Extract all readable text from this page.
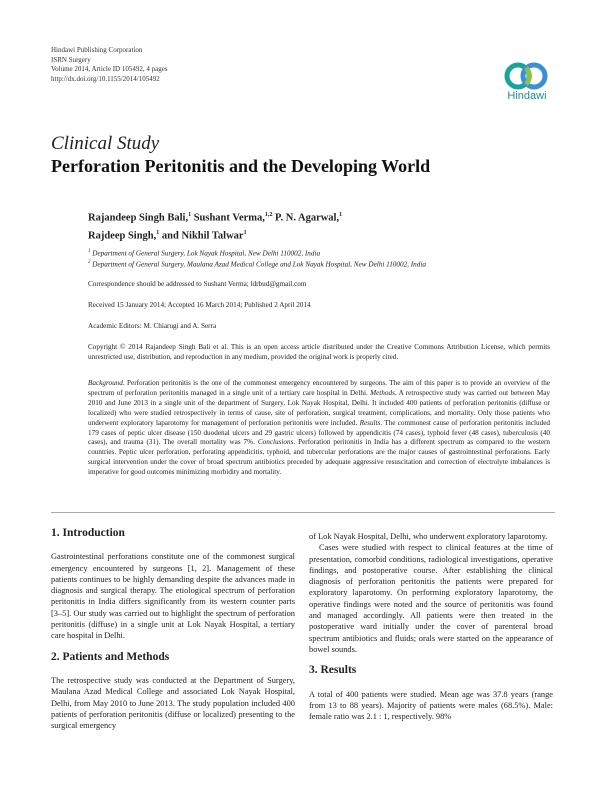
Hindawi Publishing Corporation
ISRN Surgery
Volume 2014, Article ID 105492, 4 pages
http://dx.doi.org/10.1155/2014/105492
Hindawi
Clinical Study
Perforation Peritonitis and the Developing World
Rajandeep Singh Bali,$^1$ Sushant Verma,$^{1,2}$ P. N. Agarwal,$^1$
Rajdeep Singh,$^1$ and Nikhil Talwar$^1$
$^1$ Department of General Surgery, Lok Nayak Hospital, New Delhi 110002, India
$^2$ Department of General Surgery, Maulana Azad Medical College and Lok Nayak Hospital, New Delhi 110002, India
Correspondence should be addressed to Sushant Verma; ldrbud@gmail.com
Received 15 January 2014; Accepted 16 March 2014; Published 2 April 2014
Academic Editors: M. Chiarugi and A. Serra
Copyright © 2014 Rajandeep Singh Bali et al. This is an open access article distributed under the Creative Commons Attribution License, which permits unrestricted use, distribution, and reproduction in any medium, provided the original work is properly cited.
Background. Perforation peritonitis is the one of the commonest emergency encountered by surgeons. The aim of this paper is to provide an overview of the spectrum of perforation peritonitis managed in a single unit of a tertiary care hospital in Delhi. Methods. A retrospective study was carried out between May 2010 and June 2013 in a single unit of the department of Surgery, Lok Nayak Hospital, Delhi. It included 400 patients of perforation peritonitis (diffuse or localized) who were studied retrospectively in terms of cause, site of perforation, surgical treatment, complications, and mortality. Only those patients who underwent exploratory laparotomy for management of perforation peritonitis were included. Results. The commonest cause of perforation peritonitis included 179 cases of peptic ulcer disease (150 duodenal ulcers and 29 gastric ulcers) followed by appendicitis (74 cases), typhoid fever (48 cases), tuberculosis (40 cases), and trauma (31). The overall mortality was 7%. Conclusions. Perforation peritonitis in India has a different spectrum as compared to the western countries. Peptic ulcer perforation, perforating appendicitis, typhoid, and tubercular perforations are the major causes of gastrointestinal perforations. Early surgical intervention under the cover of broad spectrum antibiotics preceded by adequate aggressive resuscitation and correction of electrolyte imbalances is imperative for good outcomes minimizing morbidity and mortality.
1. Introduction

Gastrointestinal perforations constitute one of the commonest surgical emergency encountered by surgeons [1, 2]. Management of these patients continues to be highly demanding despite the advances made in diagnosis and surgical therapy. The etiological spectrum of perforation peritonitis in India differs significantly from its western counter parts [3–5]. Our study was carried out to highlight the spectrum of perforation peritonitis (diffuse) in a single unit at Lok Nayak Hospital, a tertiary care hospital in Delhi.

2. Patients and Methods

The retrospective study was conducted at the Department of Surgery, Maulana Azad Medical College and associated Lok Nayak Hospital, Delhi, from May 2010 to June 2013. The study population included 400 patients of perforation peritonitis (diffuse or localized) presenting to the surgical emergency

of Lok Nayak Hospital, Delhi, who underwent exploratory laparotomy.

Cases were studied with respect to clinical features at the time of presentation, comorbid conditions, radiological investigations, operative findings, and postoperative course. After establishing the clinical diagnosis of perforation peritonitis the patients were prepared for exploratory laparotomy. On performing exploratory laparotomy, the operative findings were noted and the source of peritonitis was found and managed accordingly. All patients were then treated in the postoperative ward initially under the cover of parenteral broad spectrum antibiotics and fluids; orals were started on the appearance of bowel sounds.

3. Results

A total of 400 patients were studied. Mean age was 37.8 years (range from 13 to 88 years). Majority of patients were males (68.5%). Male: female ratio was 2.1 : 1, respectively. 98%
